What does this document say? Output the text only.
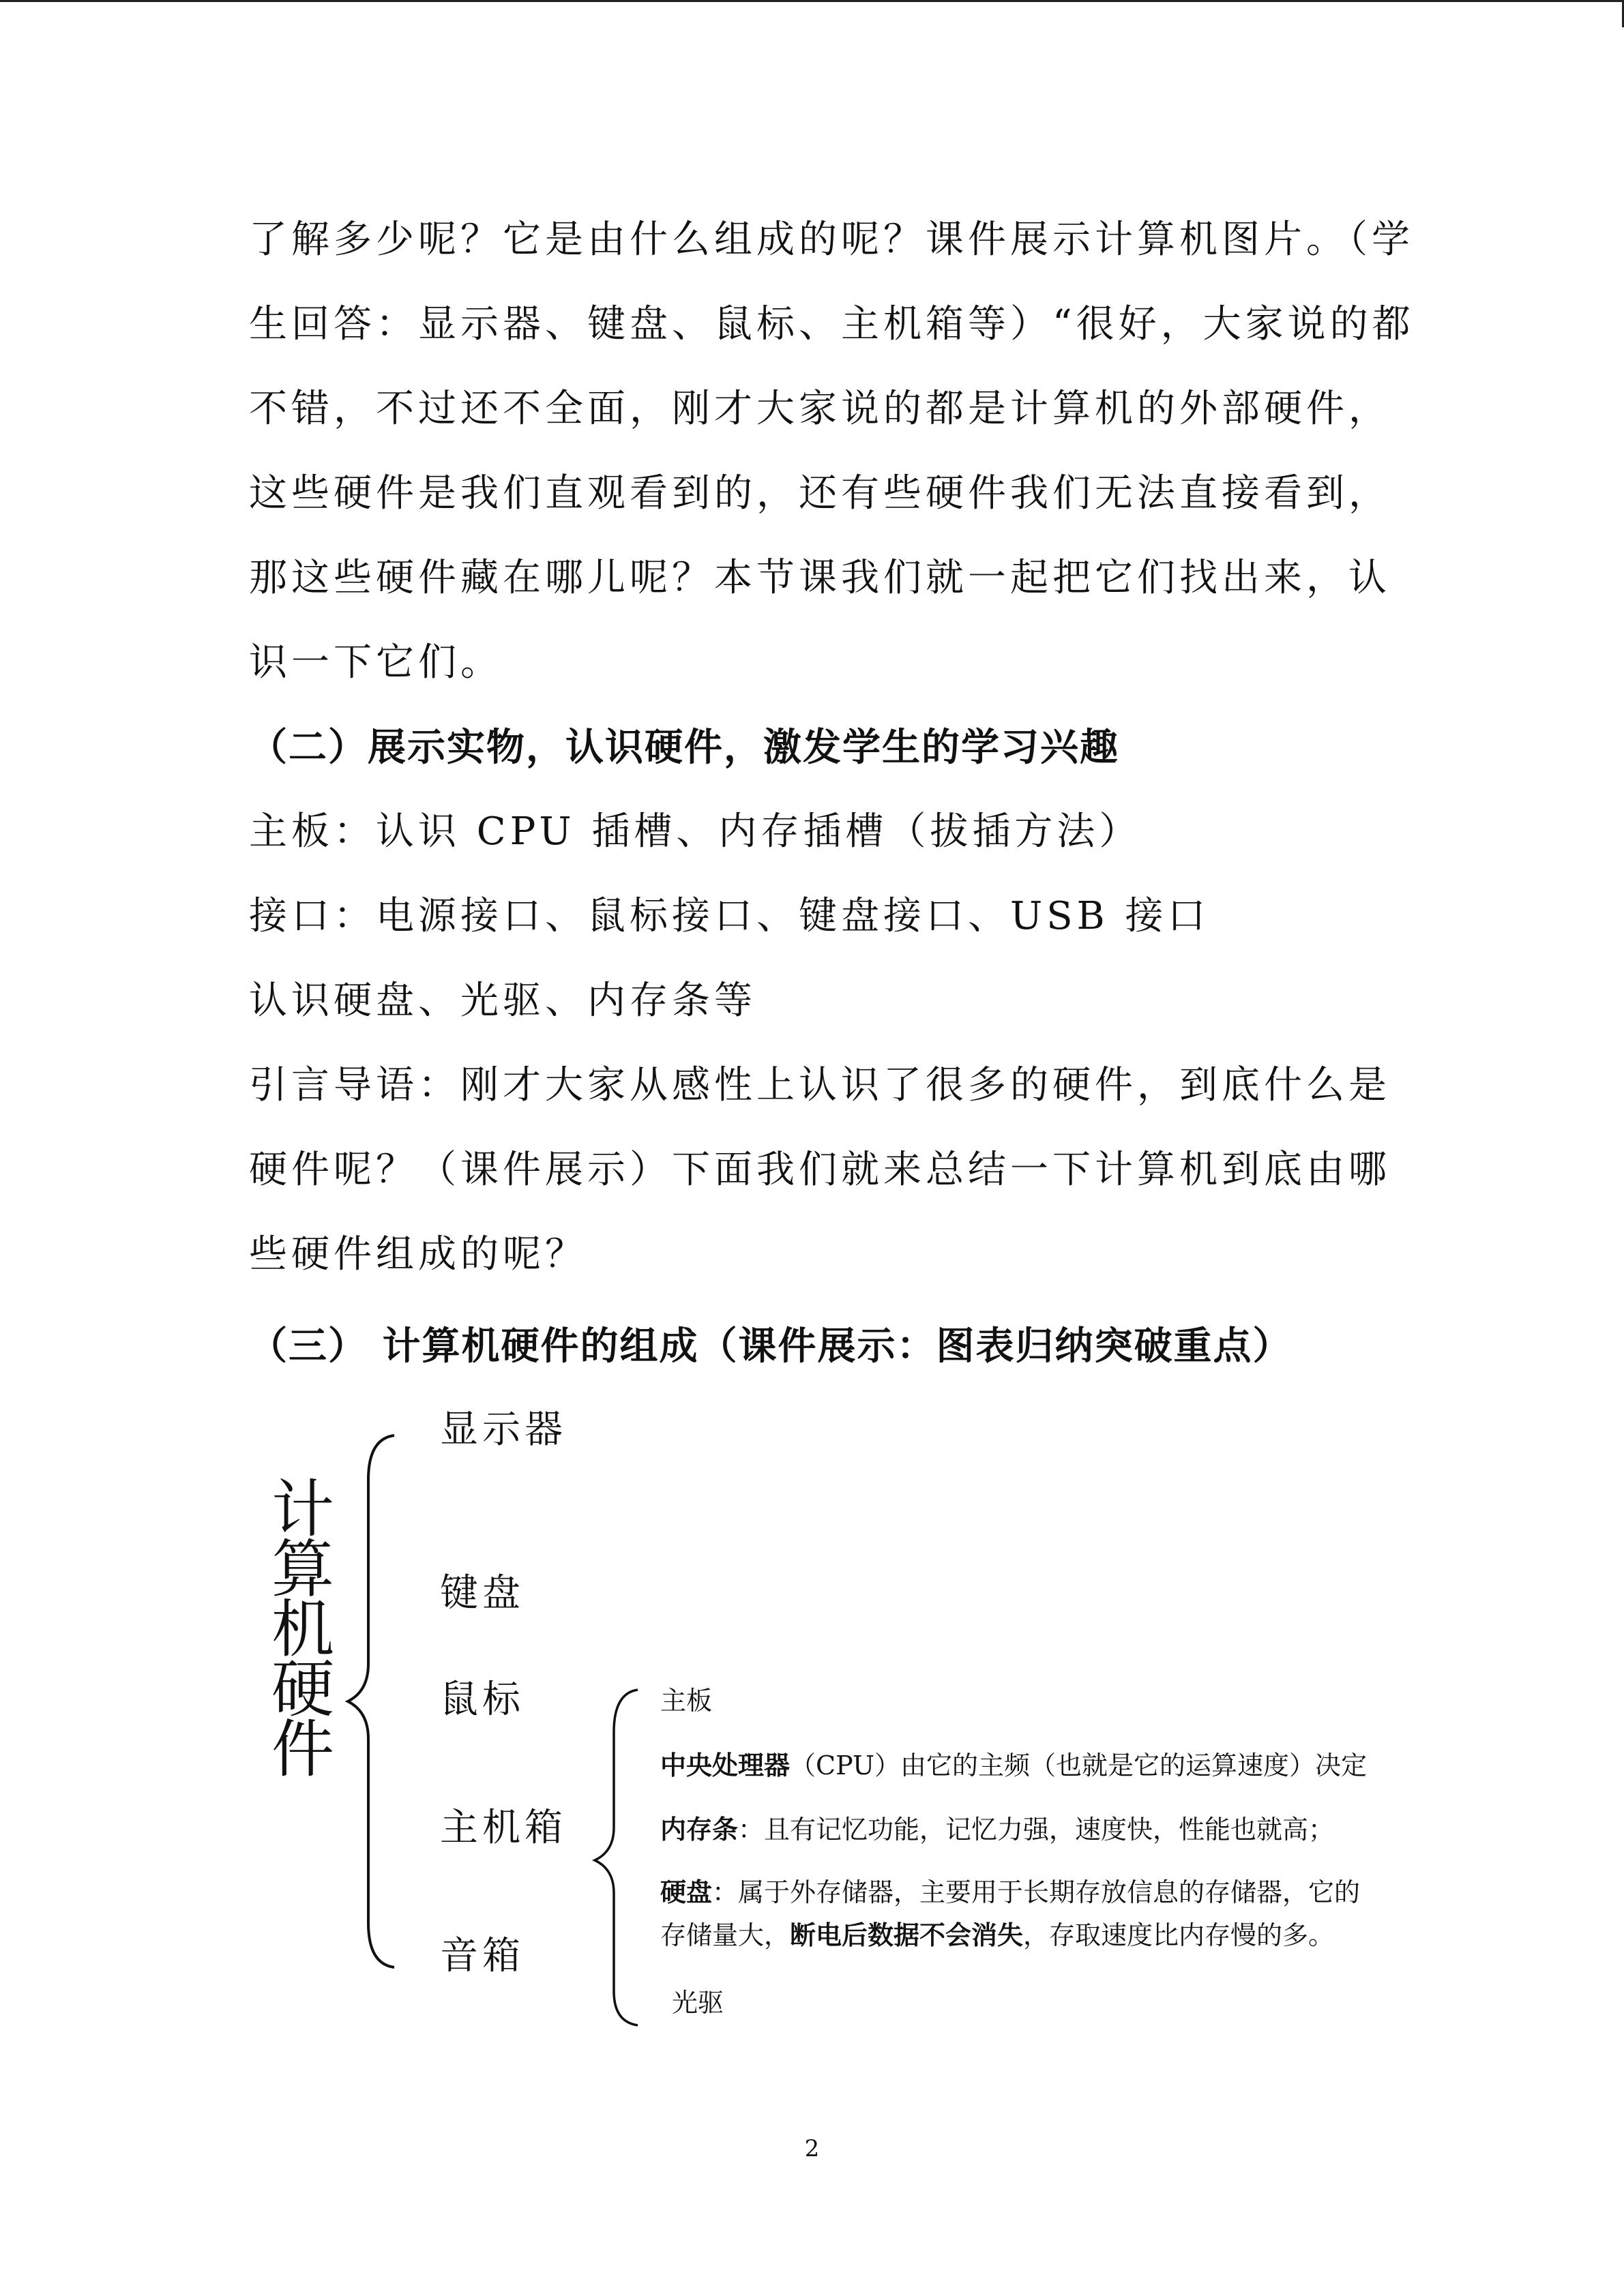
了解多少呢？它是由什么组成的呢？课件展示计算机图片。（学
生回答：显示器、键盘、鼠标、主机箱等）“很好，大家说的都
不错，不过还不全面，刚才大家说的都是计算机的外部硬件，
这些硬件是我们直观看到的，还有些硬件我们无法直接看到，
那这些硬件藏在哪儿呢？本节课我们就一起把它们找出来，认
识一下它们。
（二）展示实物，认识硬件，激发学生的学习兴趣
主板：认识 CPU 插槽、内存插槽（拔插方法）
接口：电源接口、鼠标接口、键盘接口、USB 接口
认识硬盘、光驱、内存条等
引言导语：刚才大家从感性上认识了很多的硬件，到底什么是
硬件呢？（课件展示）下面我们就来总结一下计算机到底由哪
些硬件组成的呢？
（三） 计算机硬件的组成（课件展示：图表归纳突破重点）
计算机硬件
显示器
键盘
鼠标
主机箱
音箱
主板
中央处理器（CPU）由它的主频（也就是它的运算速度）决定
内存条：且有记忆功能，记忆力强，速度快，性能也就高；
硬盘：属于外存储器，主要用于长期存放信息的存储器，它的
存储量大，断电后数据不会消失，存取速度比内存慢的多。
光驱
2
